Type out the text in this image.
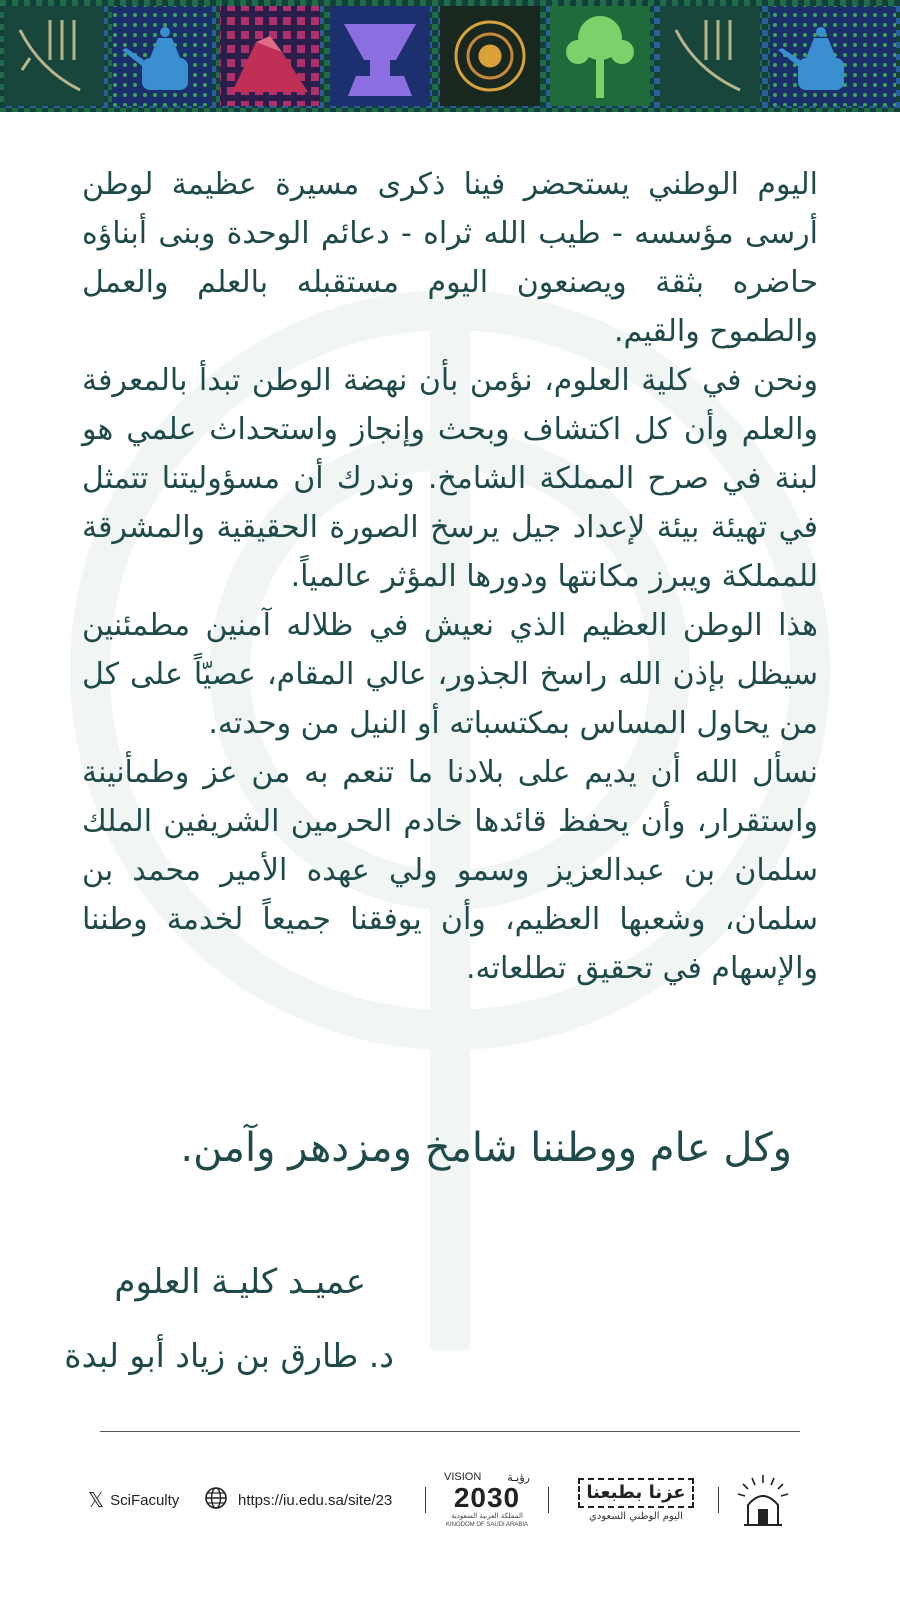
اليوم الوطني يستحضر فينا ذكرى مسيرة عظيمة لوطن أرسى مؤسسه - طيب الله ثراه - دعائم الوحدة وبنى أبناؤه حاضره بثقة ويصنعون اليوم مستقبله بالعلم والعمل والطموح والقيم.

ونحن في كلية العلوم، نؤمن بأن نهضة الوطن تبدأ بالمعرفة والعلم وأن كل اكتشاف وبحث وإنجاز واستحداث علمي هو لبنة في صرح المملكة الشامخ. وندرك أن مسؤوليتنا تتمثل في تهيئة بيئة لإعداد جيل يرسخ الصورة الحقيقية والمشرقة للمملكة ويبرز مكانتها ودورها المؤثر عالمياً.

هذا الوطن العظيم الذي نعيش في ظلاله آمنين مطمئنين سيظل بإذن الله راسخ الجذور، عالي المقام، عصيّاً على كل من يحاول المساس بمكتسباته أو النيل من وحدته.

نسأل الله أن يديم على بلادنا ما تنعم به من عز وطمأنينة واستقرار، وأن يحفظ قائدها خادم الحرمين الشريفين الملك سلمان بن عبدالعزيز وسمو ولي عهده الأمير محمد بن سلمان، وشعبها العظيم، وأن يوفقنا جميعاً لخدمة وطننا والإسهام في تحقيق تطلعاته.

وكل عام ووطننا شامخ ومزدهر وآمن.

عميـد كليـة العلوم
د. طارق بن زياد أبو لبدة
𝕏 SciFaculty	https://iu.edu.sa/site/23
VISION رؤيـة
2030
المملكة العربية السعودية
KINGDOM OF SAUDI ARABIA
عزنا بطبعنا
اليوم الوطني السعودي
